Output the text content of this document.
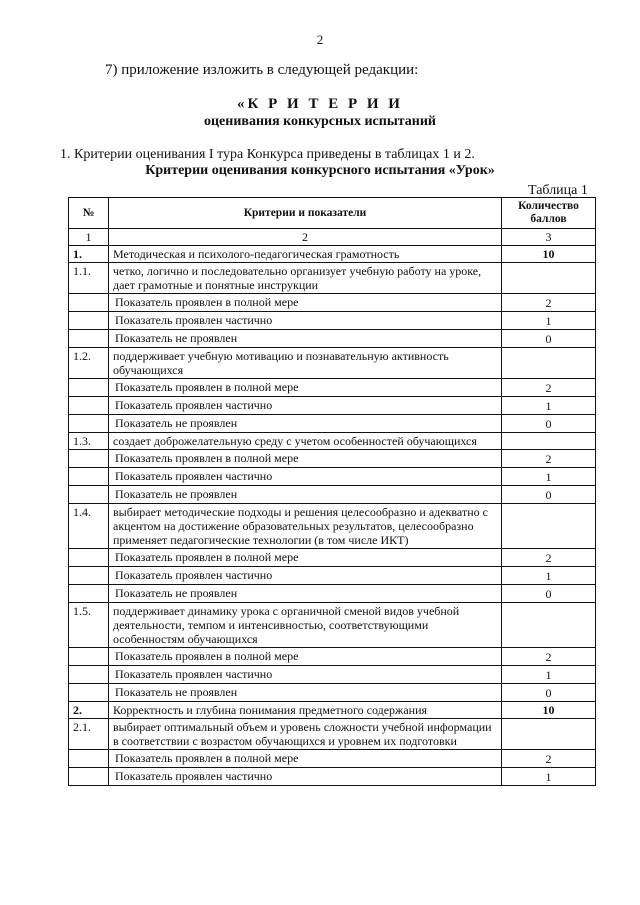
2
7) приложение изложить в следующей редакции:
«К Р И Т Е Р И И
оценивания конкурсных испытаний
1. Критерии оценивания I тура Конкурса приведены в таблицах 1 и 2.
Критерии оценивания конкурсного испытания «Урок»
Таблица 1
№	Критерии и показатели	Количество баллов
1	2	3
1.	Методическая и психолого-педагогическая грамотность	10
1.1.	четко, логично и последовательно организует учебную работу на уроке, дает грамотные и понятные инструкции	
	Показатель проявлен в полной мере	2
	Показатель проявлен частично	1
	Показатель не проявлен	0
1.2.	поддерживает учебную мотивацию и познавательную активность обучающихся	
	Показатель проявлен в полной мере	2
	Показатель проявлен частично	1
	Показатель не проявлен	0
1.3.	создает доброжелательную среду с учетом особенностей обучающихся	
	Показатель проявлен в полной мере	2
	Показатель проявлен частично	1
	Показатель не проявлен	0
1.4.	выбирает методические подходы и решения целесообразно и адекватно с акцентом на достижение образовательных результатов, целесообразно применяет педагогические технологии (в том числе ИКТ)	
	Показатель проявлен в полной мере	2
	Показатель проявлен частично	1
	Показатель не проявлен	0
1.5.	поддерживает динамику урока с органичной сменой видов учебной деятельности, темпом и интенсивностью, соответствующими особенностям обучающихся	
	Показатель проявлен в полной мере	2
	Показатель проявлен частично	1
	Показатель не проявлен	0
2.	Корректность и глубина понимания предметного содержания	10
2.1.	выбирает оптимальный объем и уровень сложности учебной информации в соответствии с возрастом обучающихся и уровнем их подготовки	
	Показатель проявлен в полной мере	2
	Показатель проявлен частично	1
